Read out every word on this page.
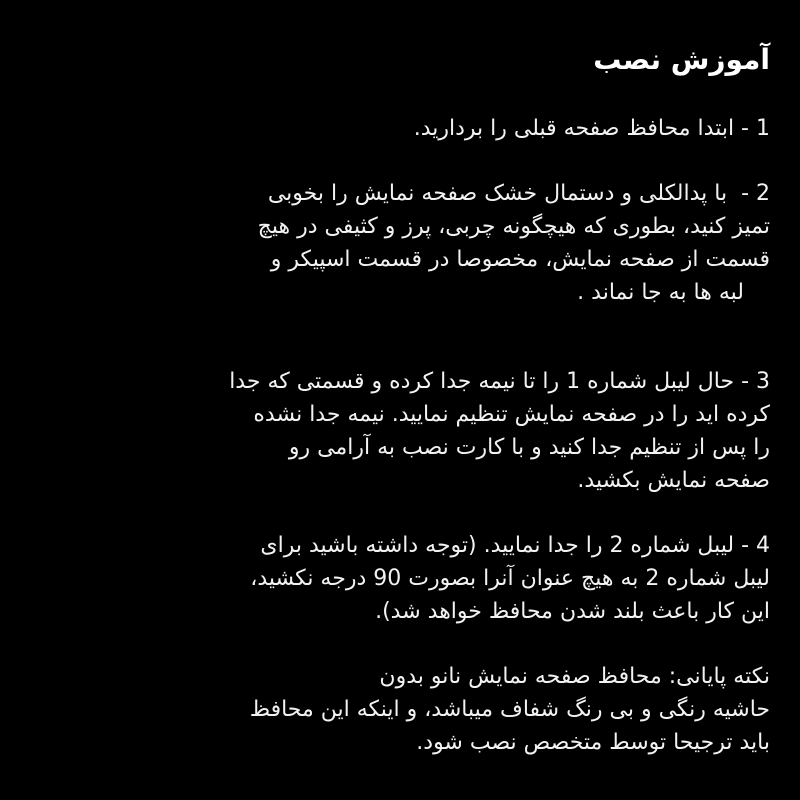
آموزش نصب
1 - ابتدا محافظ صفحه قبلی را بردارید.
2 -  با پدالکلی و دستمال خشک صفحه نمایش را بخوبی
تمیز کنید، بطوری که هیچگونه چربی، پرز و کثیفی در هیچ
قسمت از صفحه نمایش، مخصوصا در قسمت اسپیکر و
لبه ها به جا نماند .
3 - حال لیبل شماره 1 را تا نیمه جدا کرده و قسمتی که جدا
کرده اید را در صفحه نمایش تنظیم نمایید. نیمه جدا نشده
را پس از تنظیم جدا کنید و با کارت نصب به آرامی رو
صفحه نمایش بکشید.
4 - لیبل شماره 2 را جدا نمایید. (توجه داشته باشید برای
لیبل شماره 2 به هیچ عنوان آنرا بصورت 90 درجه نکشید،
این کار باعث بلند شدن محافظ خواهد شد).
نکته پایانی: محافظ صفحه نمایش نانو بدون
حاشیه رنگی و بی رنگ شفاف میباشد، و اینکه این محافظ
باید ترجیحا توسط متخصص نصب شود.
